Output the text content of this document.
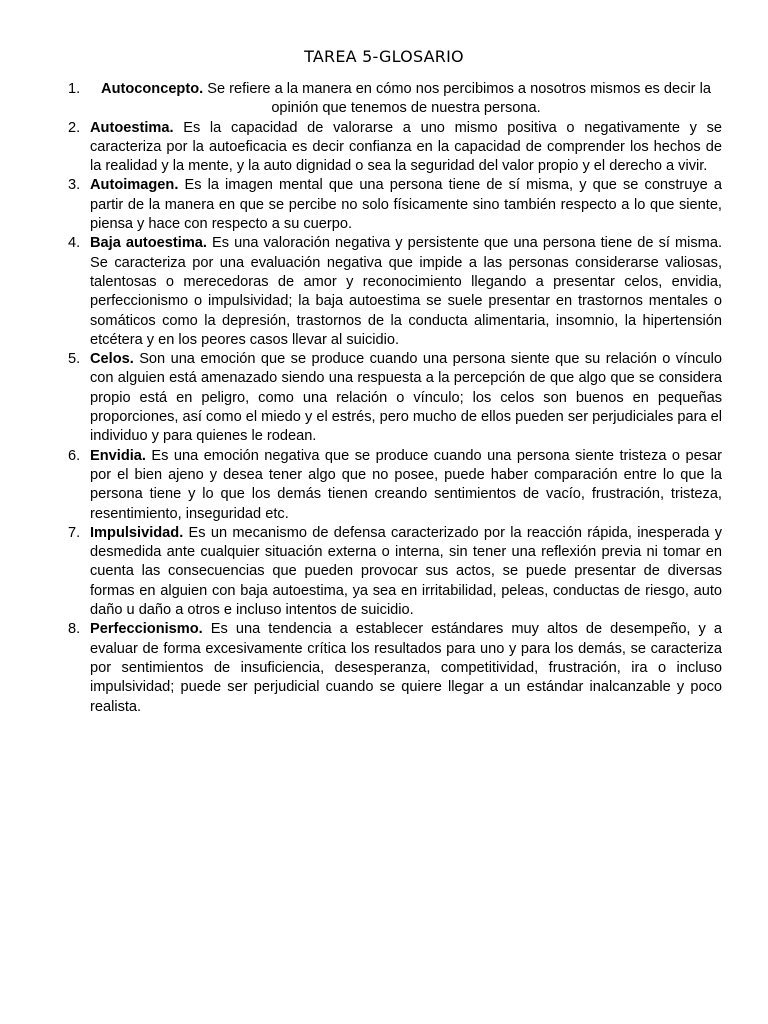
TAREA 5-GLOSARIO
1.	Autoconcepto. Se refiere a la manera en cómo nos percibimos a nosotros mismos es decir la opinión que tenemos de nuestra persona.
2. Autoestima. Es la capacidad de valorarse a uno mismo positiva o negativamente y se caracteriza por la autoeficacia es decir confianza en la capacidad de comprender los hechos de la realidad y la mente, y la auto dignidad o sea la seguridad del valor propio y el derecho a vivir.
3. Autoimagen. Es la imagen mental que una persona tiene de sí misma, y que se construye a partir de la manera en que se percibe no solo físicamente sino también respecto a lo que siente, piensa y hace con respecto a su cuerpo.
4. Baja autoestima. Es una valoración negativa y persistente que una persona tiene de sí misma. Se caracteriza por una evaluación negativa que impide a las personas considerarse valiosas, talentosas o merecedoras de amor y reconocimiento llegando a presentar celos, envidia, perfeccionismo o impulsividad; la baja autoestima se suele presentar en trastornos mentales o somáticos como la depresión, trastornos de la conducta alimentaria, insomnio, la hipertensión etcétera y en los peores casos llevar al suicidio.
5. Celos. Son una emoción que se produce cuando una persona siente que su relación o vínculo con alguien está amenazado siendo una respuesta a la percepción de que algo que se considera propio está en peligro, como una relación o vínculo; los celos son buenos en pequeñas proporciones, así como el miedo y el estrés, pero mucho de ellos pueden ser perjudiciales para el individuo y para quienes le rodean.
6. Envidia. Es una emoción negativa que se produce cuando una persona siente tristeza o pesar por el bien ajeno y desea tener algo que no posee, puede haber comparación entre lo que la persona tiene y lo que los demás tienen creando sentimientos de vacío, frustración, tristeza, resentimiento, inseguridad etc.
7. Impulsividad. Es un mecanismo de defensa caracterizado por la reacción rápida, inesperada y desmedida ante cualquier situación externa o interna, sin tener una reflexión previa ni tomar en cuenta las consecuencias que pueden provocar sus actos, se puede presentar de diversas formas en alguien con baja autoestima, ya sea en irritabilidad, peleas, conductas de riesgo, auto daño u daño a otros e incluso intentos de suicidio.
8. Perfeccionismo. Es una tendencia a establecer estándares muy altos de desempeño, y a evaluar de forma excesivamente crítica los resultados para uno y para los demás, se caracteriza por sentimientos de insuficiencia, desesperanza, competitividad, frustración, ira o incluso impulsividad; puede ser perjudicial cuando se quiere llegar a un estándar inalcanzable y poco realista.
